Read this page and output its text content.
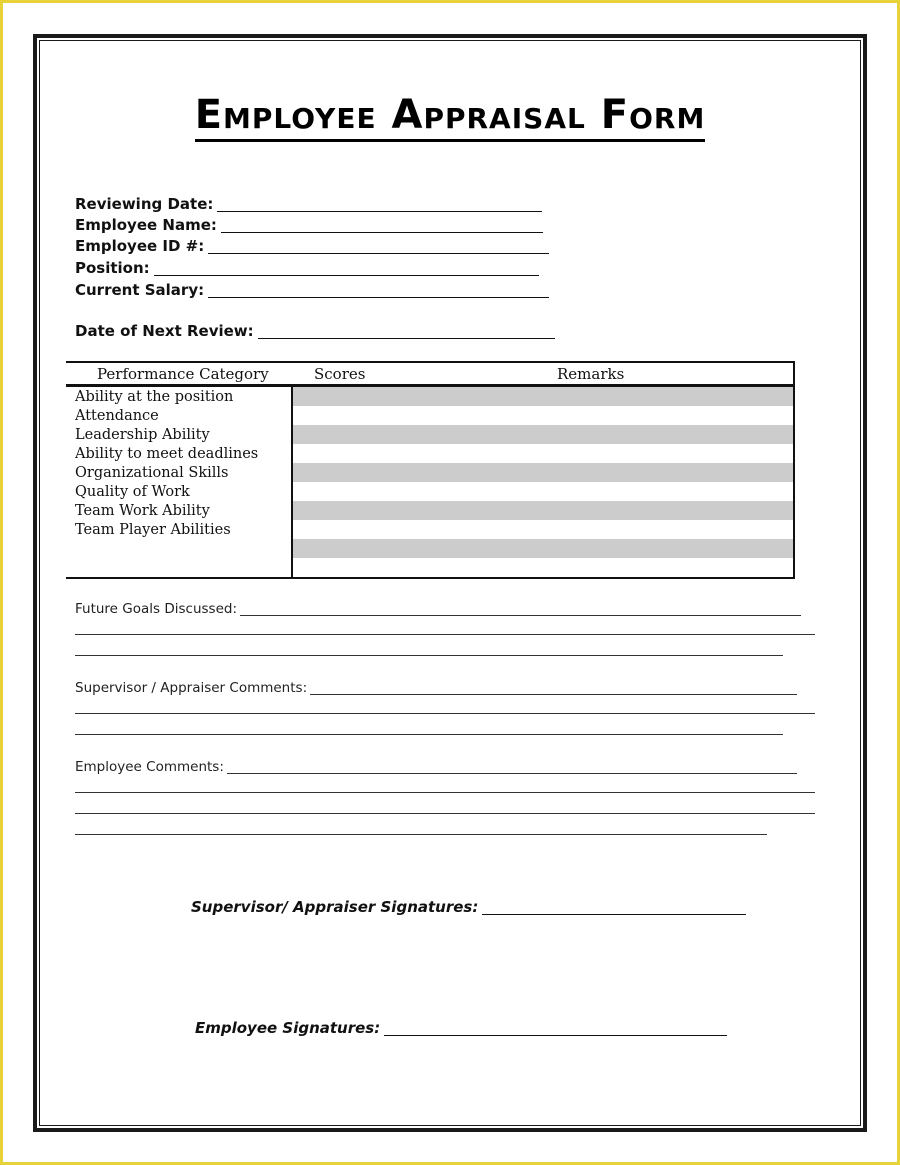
Employee Appraisal Form
Reviewing Date:
Employee Name:
Employee ID #:
Position:
Current Salary:
Date of Next Review:
Performance Category	Scores	Remarks
Ability at the position
Attendance
Leadership Ability
Ability to meet deadlines
Organizational Skills
Quality of Work
Team Work Ability
Team Player Abilities
Future Goals Discussed:
Supervisor / Appraiser Comments:
Employee Comments:
Supervisor/ Appraiser Signatures:
Employee Signatures:
